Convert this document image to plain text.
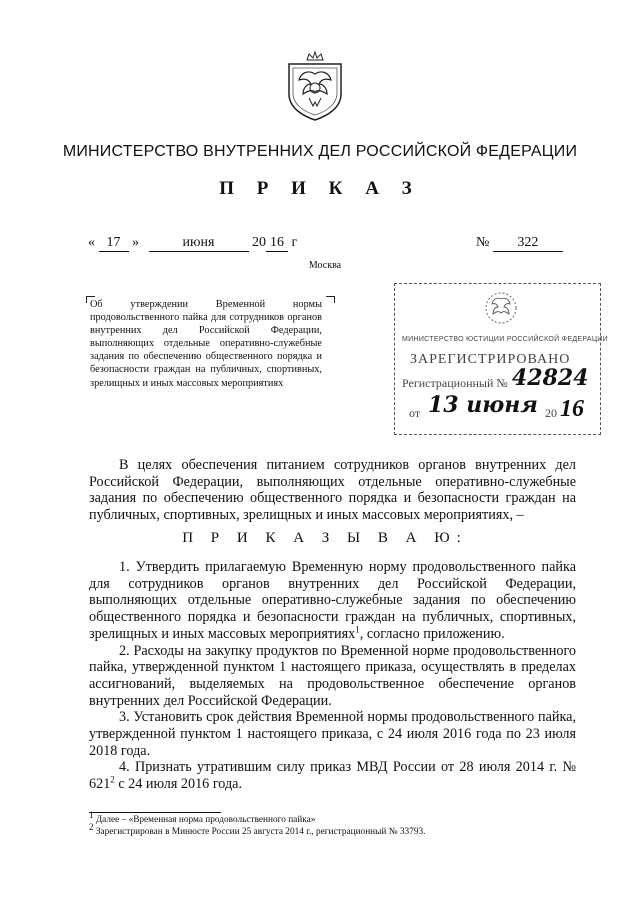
МИНИСТЕРСТВО ВНУТРЕННИХ ДЕЛ РОССИЙСКОЙ ФЕДЕРАЦИИ
П Р И К А З
« 17 »	июня	20 16 г	№ 322
Москва
Об утверждении Временной нормы продовольственного пайка для сотрудников органов внутренних дел Российской Федерации, выполняющих отдельные оперативно-служебные задания по обеспечению общественного порядка и безопасности граждан на публичных, спортивных, зрелищных и иных массовых мероприятиях
МИНИСТЕРСТВО ЮСТИЦИИ РОССИЙСКОЙ ФЕДЕРАЦИИ
ЗАРЕГИСТРИРОВАНО
Регистрационный № 42824
от 13 июня 20 16

В целях обеспечения питанием сотрудников органов внутренних дел Российской Федерации, выполняющих отдельные оперативно-служебные задания по обеспечению общественного порядка и безопасности граждан на публичных, спортивных, зрелищных и иных массовых мероприятиях, –

П Р И К А З Ы В А Ю:

1. Утвердить прилагаемую Временную норму продовольственного пайка для сотрудников органов внутренних дел Российской Федерации, выполняющих отдельные оперативно-служебные задания по обеспечению общественного порядка и безопасности граждан на публичных, спортивных, зрелищных и иных массовых мероприятиях$^1$, согласно приложению.

2. Расходы на закупку продуктов по Временной норме продовольственного пайка, утвержденной пунктом 1 настоящего приказа, осуществлять в пределах ассигнований, выделяемых на продовольственное обеспечение органов внутренних дел Российской Федерации.

3. Установить срок действия Временной нормы продовольственного пайка, утвержденной пунктом 1 настоящего приказа, с 24 июля 2016 года по 23 июля 2018 года.

4. Признать утратившим силу приказ МВД России от 28 июля 2014 г. № $621^2$ с 24 июля 2016 года.

$^1$ Далее – «Временная норма продовольственного пайка»
$^2$ Зарегистрирован в Минюсте России 25 августа 2014 г., регистрационный № 33793.
